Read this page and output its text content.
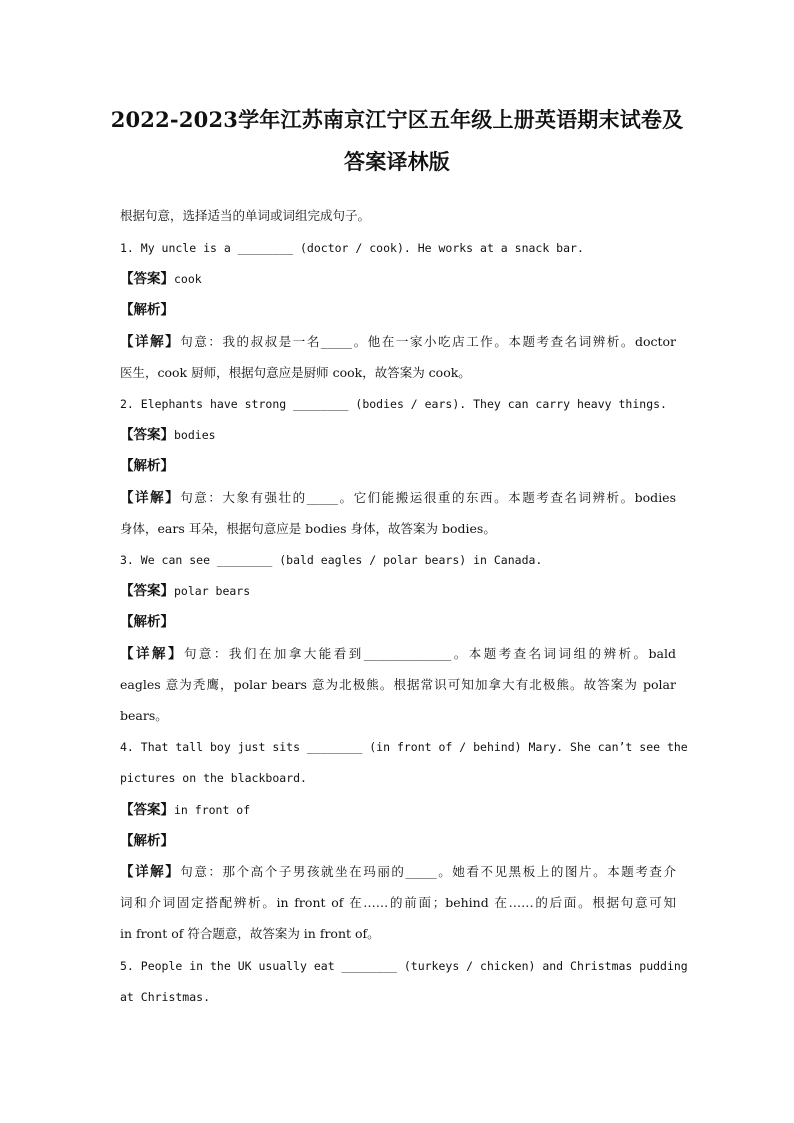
2022-2023学年江苏南京江宁区五年级上册英语期末试卷及
答案译林版
根据句意，选择适当的单词或词组完成句子。
1. My uncle is a ________ (doctor / cook). He works at a snack bar.
【答案】cook
【解析】
【详解】句意：我的叔叔是一名_____。他在一家小吃店工作。本题考查名词辨析。doctor
医生，cook 厨师，根据句意应是厨师 cook，故答案为 cook。
2. Elephants have strong ________ (bodies / ears). They can carry heavy things.
【答案】bodies
【解析】
【详解】句意：大象有强壮的_____。它们能搬运很重的东西。本题考查名词辨析。bodies
身体，ears 耳朵，根据句意应是 bodies 身体，故答案为 bodies。
3. We can see ________ (bald eagles / polar bears) in Canada.
【答案】polar bears
【解析】
【详解】句意：我们在加拿大能看到______________。本题考查名词词组的辨析。bald
eagles 意为秃鹰，polar bears 意为北极熊。根据常识可知加拿大有北极熊。故答案为 polar
bears。
4. That tall boy just sits ________ (in front of / behind) Mary. She can’t see the
pictures on the blackboard.
【答案】in front of
【解析】
【详解】句意：那个高个子男孩就坐在玛丽的_____。她看不见黑板上的图片。本题考查介
词和介词固定搭配辨析。in front of 在……的前面；behind 在……的后面。根据句意可知
in front of 符合题意，故答案为 in front of。
5. People in the UK usually eat ________ (turkeys / chicken) and Christmas pudding
at Christmas.
